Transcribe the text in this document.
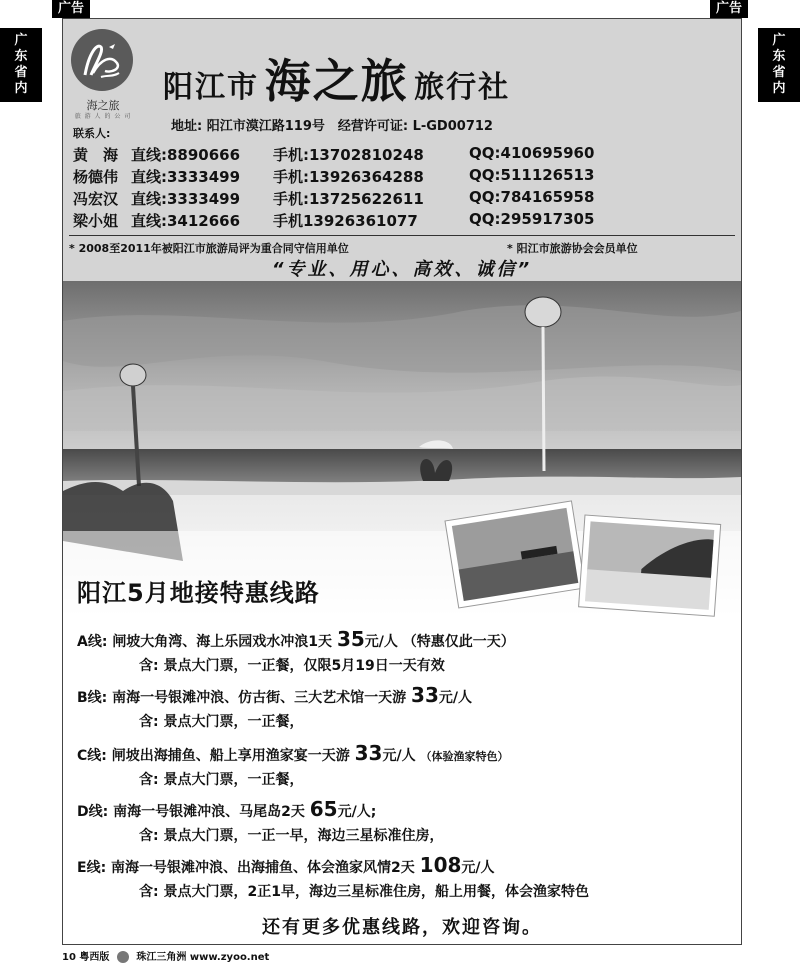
广告	广告
广
东
省
内
广
东
省
内
海之旅
旅 游 人 的 公 司
阳江市 海之旅 旅行社
地址: 阳江市漠江路119号　经营许可证: L-GD00712
联系人:
黄　海 直线:8890666 手机:13702810248	QQ:410695960
杨德伟 直线:3333499 手机:13926364288	QQ:511126513
冯宏汉 直线:3333499 手机:13725622611	QQ:784165958
梁小姐 直线:3412666 手机13926361077	QQ:295917305
* 2008至2011年被阳江市旅游局评为重合同守信用单位	* 阳江市旅游协会会员单位
“专业、用心、高效、诚信”
阳江5月地接特惠线路
A线: 闸坡大角湾、海上乐园戏水冲浪1天 35元/人 （特惠仅此一天）
含: 景点大门票，一正餐，仅限5月19日一天有效
B线: 南海一号银滩冲浪、仿古街、三大艺术馆一天游 33元/人
含: 景点大门票，一正餐，
C线: 闸坡出海捕鱼、船上享用渔家宴一天游 33元/人 （体验渔家特色）
含: 景点大门票，一正餐，
D线: 南海一号银滩冲浪、马尾岛2天 65元/人;
含: 景点大门票，一正一早，海边三星标准住房，
E线: 南海一号银滩冲浪、出海捕鱼、体会渔家风情2天 108元/人
含: 景点大门票，2正1早，海边三星标准住房，船上用餐，体会渔家特色
还有更多优惠线路，欢迎咨询。
10 粤西版	珠江三角洲 www.zyoo.net
